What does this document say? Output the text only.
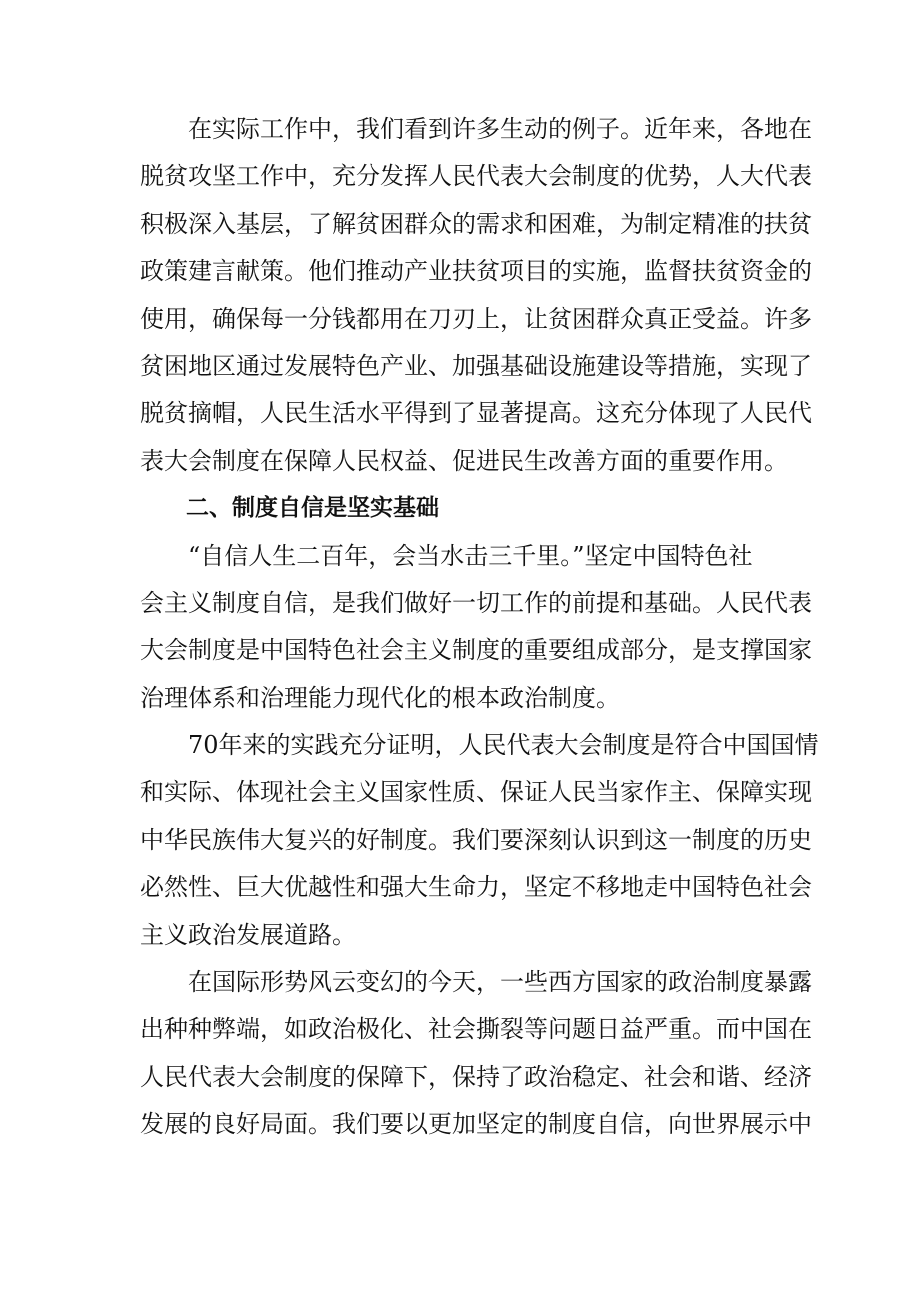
　　在实际工作中，我们看到许多生动的例子。近年来，各地在
脱贫攻坚工作中，充分发挥人民代表大会制度的优势，人大代表
积极深入基层，了解贫困群众的需求和困难，为制定精准的扶贫
政策建言献策。他们推动产业扶贫项目的实施，监督扶贫资金的
使用，确保每一分钱都用在刀刃上，让贫困群众真正受益。许多
贫困地区通过发展特色产业、加强基础设施建设等措施，实现了
脱贫摘帽，人民生活水平得到了显著提高。这充分体现了人民代
表大会制度在保障人民权益、促进民生改善方面的重要作用。
　　二、制度自信是坚实基础
　　“自信人生二百年，会当水击三千里。”坚定中国特色社
会主义制度自信，是我们做好一切工作的前提和基础。人民代表
大会制度是中国特色社会主义制度的重要组成部分，是支撑国家
治理体系和治理能力现代化的根本政治制度。
　　70年来的实践充分证明，人民代表大会制度是符合中国国情
和实际、体现社会主义国家性质、保证人民当家作主、保障实现
中华民族伟大复兴的好制度。我们要深刻认识到这一制度的历史
必然性、巨大优越性和强大生命力，坚定不移地走中国特色社会
主义政治发展道路。
　　在国际形势风云变幻的今天，一些西方国家的政治制度暴露
出种种弊端，如政治极化、社会撕裂等问题日益严重。而中国在
人民代表大会制度的保障下，保持了政治稳定、社会和谐、经济
发展的良好局面。我们要以更加坚定的制度自信，向世界展示中
